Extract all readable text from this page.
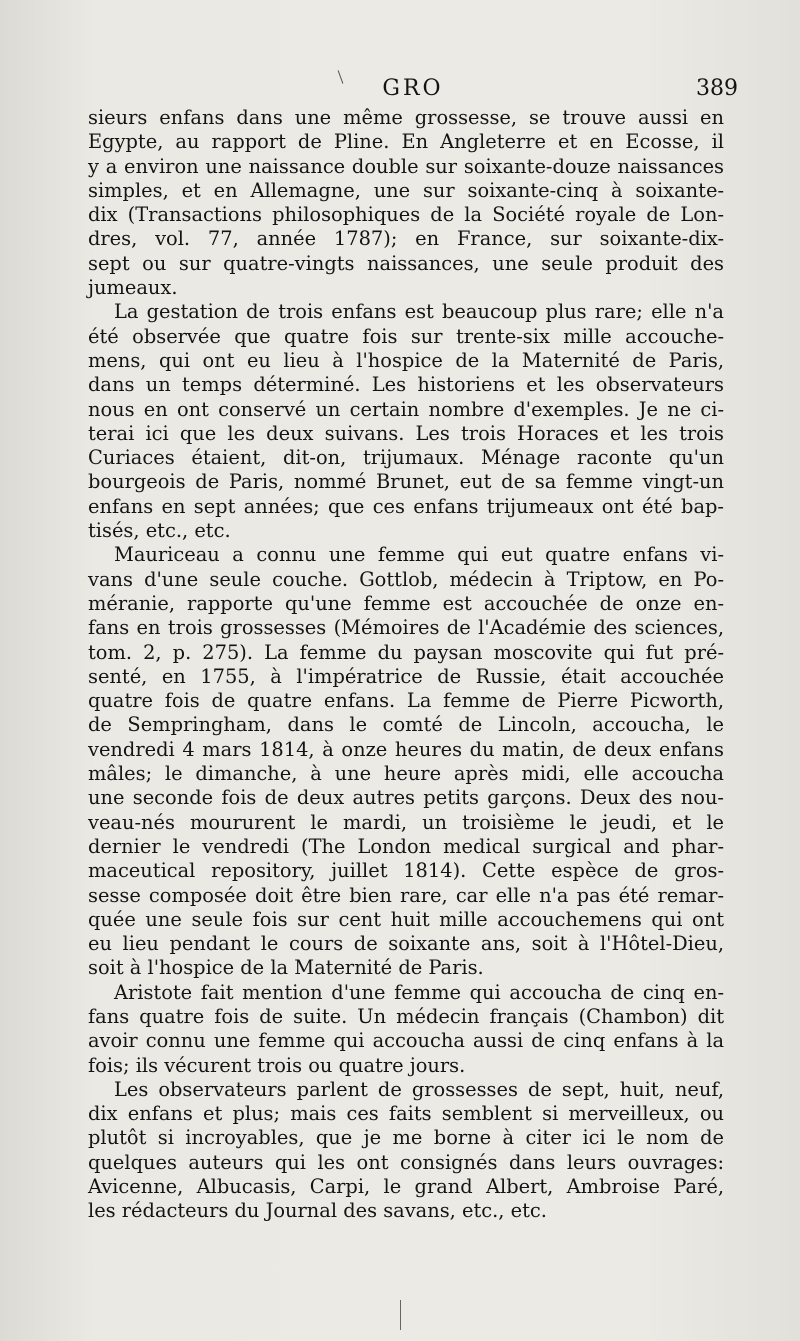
GRO	389
sieurs enfans dans une même grossesse, se trouve aussi en
Egypte, au rapport de Pline. En Angleterre et en Ecosse, il
y a environ une naissance double sur soixante-douze naissances
simples, et en Allemagne, une sur soixante-cinq à soixante-
dix (Transactions philosophiques de la Société royale de Lon-
dres, vol. 77, année 1787); en France, sur soixante-dix-
sept ou sur quatre-vingts naissances, une seule produit des
jumeaux.
La gestation de trois enfans est beaucoup plus rare; elle n'a
été observée que quatre fois sur trente-six mille accouche-
mens, qui ont eu lieu à l'hospice de la Maternité de Paris,
dans un temps déterminé. Les historiens et les observateurs
nous en ont conservé un certain nombre d'exemples. Je ne ci-
terai ici que les deux suivans. Les trois Horaces et les trois
Curiaces étaient, dit-on, trijumaux. Ménage raconte qu'un
bourgeois de Paris, nommé Brunet, eut de sa femme vingt-un
enfans en sept années; que ces enfans trijumeaux ont été bap-
tisés, etc., etc.
Mauriceau a connu une femme qui eut quatre enfans vi-
vans d'une seule couche. Gottlob, médecin à Triptow, en Po-
méranie, rapporte qu'une femme est accouchée de onze en-
fans en trois grossesses (Mémoires de l'Académie des sciences,
tom. 2, p. 275). La femme du paysan moscovite qui fut pré-
senté, en 1755, à l'impératrice de Russie, était accouchée
quatre fois de quatre enfans. La femme de Pierre Picworth,
de Sempringham, dans le comté de Lincoln, accoucha, le
vendredi 4 mars 1814, à onze heures du matin, de deux enfans
mâles; le dimanche, à une heure après midi, elle accoucha
une seconde fois de deux autres petits garçons. Deux des nou-
veau-nés moururent le mardi, un troisième le jeudi, et le
dernier le vendredi (The London medical surgical and phar-
maceutical repository, juillet 1814). Cette espèce de gros-
sesse composée doit être bien rare, car elle n'a pas été remar-
quée une seule fois sur cent huit mille accouchemens qui ont
eu lieu pendant le cours de soixante ans, soit à l'Hôtel-Dieu,
soit à l'hospice de la Maternité de Paris.
Aristote fait mention d'une femme qui accoucha de cinq en-
fans quatre fois de suite. Un médecin français (Chambon) dit
avoir connu une femme qui accoucha aussi de cinq enfans à la
fois; ils vécurent trois ou quatre jours.
Les observateurs parlent de grossesses de sept, huit, neuf,
dix enfans et plus; mais ces faits semblent si merveilleux, ou
plutôt si incroyables, que je me borne à citer ici le nom de
quelques auteurs qui les ont consignés dans leurs ouvrages:
Avicenne, Albucasis, Carpi, le grand Albert, Ambroise Paré,
les rédacteurs du Journal des savans, etc., etc.
